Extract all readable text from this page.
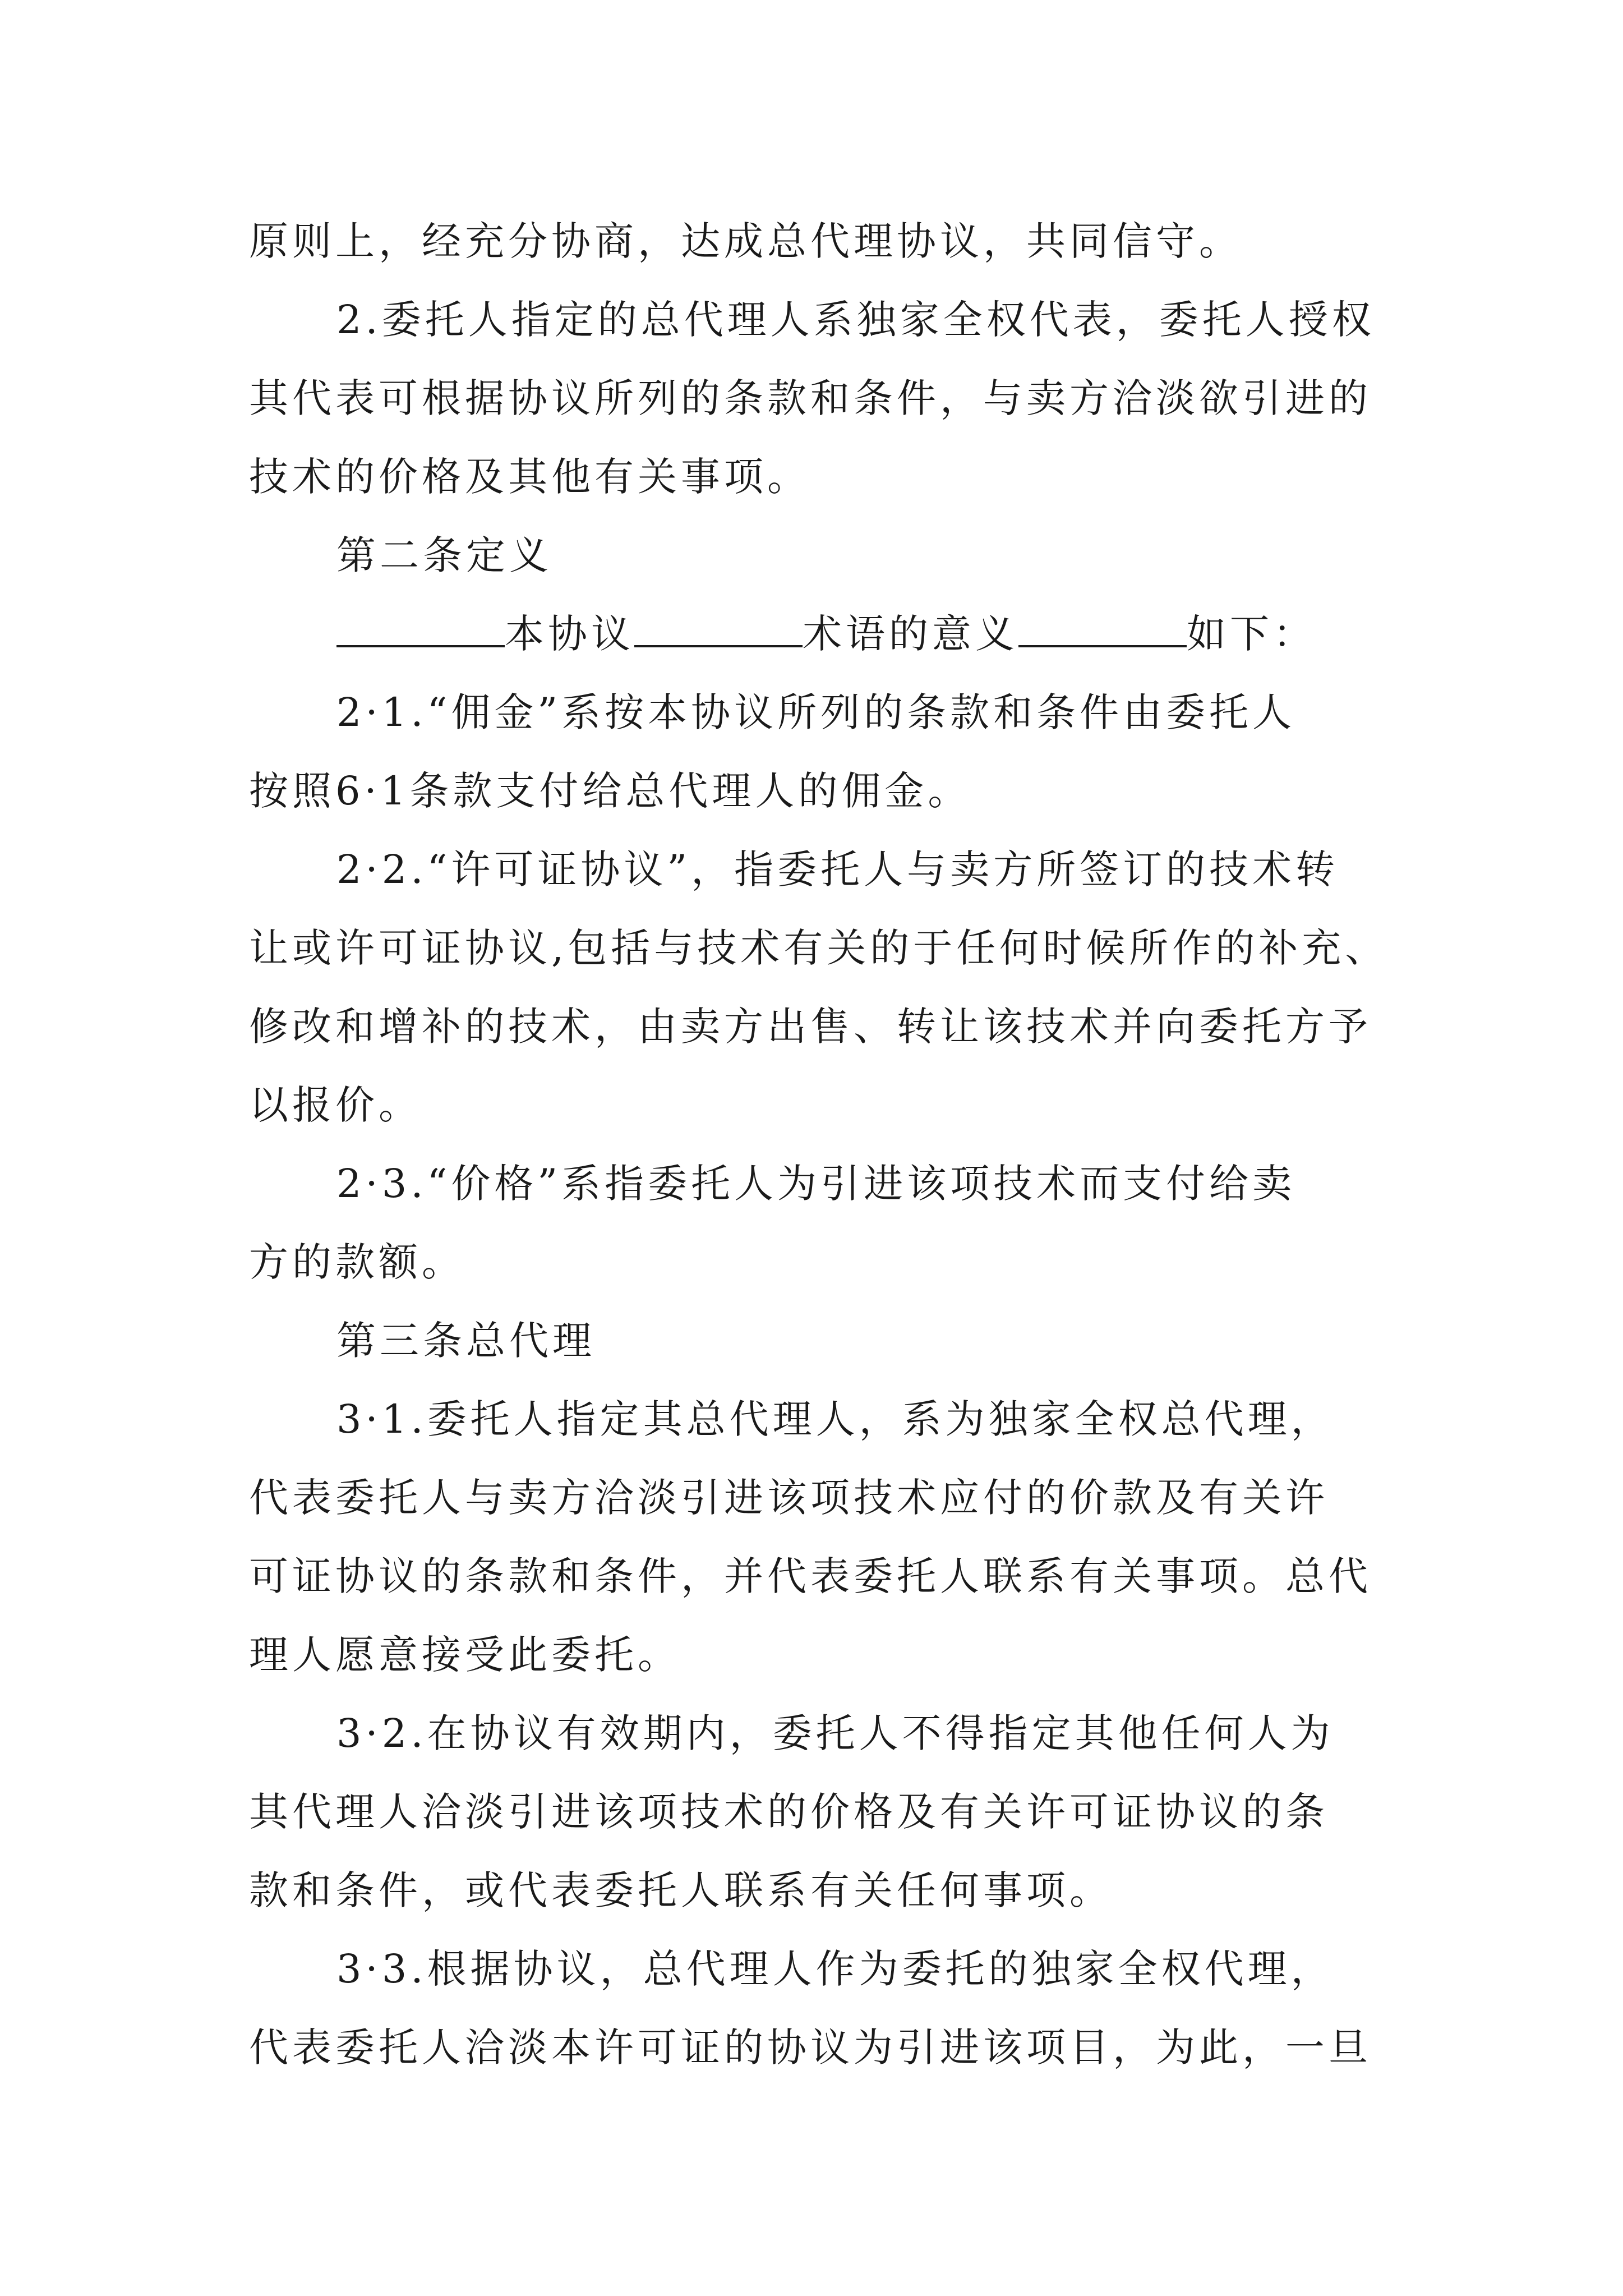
原则上，经充分协商，达成总代理协议，共同信守。

2.委托人指定的总代理人系独家全权代表，委托人授权

其代表可根据协议所列的条款和条件，与卖方洽淡欲引进的

技术的价格及其他有关事项。

第二条定义

本协议	术语的意义	如下：

2·1.“佣金”系按本协议所列的条款和条件由委托人

按照6·1条款支付给总代理人的佣金。

2·2.“许可证协议”，指委托人与卖方所签订的技术转

让或许可证协议,包括与技术有关的于任何时候所作的补充、

修改和增补的技术，由卖方出售、转让该技术并向委托方予

以报价。

2·3.“价格”系指委托人为引进该项技术而支付给卖

方的款额。

第三条总代理

3·1.委托人指定其总代理人，系为独家全权总代理，

代表委托人与卖方洽淡引进该项技术应付的价款及有关许

可证协议的条款和条件，并代表委托人联系有关事项。总代

理人愿意接受此委托。

3·2.在协议有效期内，委托人不得指定其他任何人为

其代理人洽淡引进该项技术的价格及有关许可证协议的条

款和条件，或代表委托人联系有关任何事项。

3·3.根据协议，总代理人作为委托的独家全权代理，

代表委托人洽淡本许可证的协议为引进该项目，为此，一旦
